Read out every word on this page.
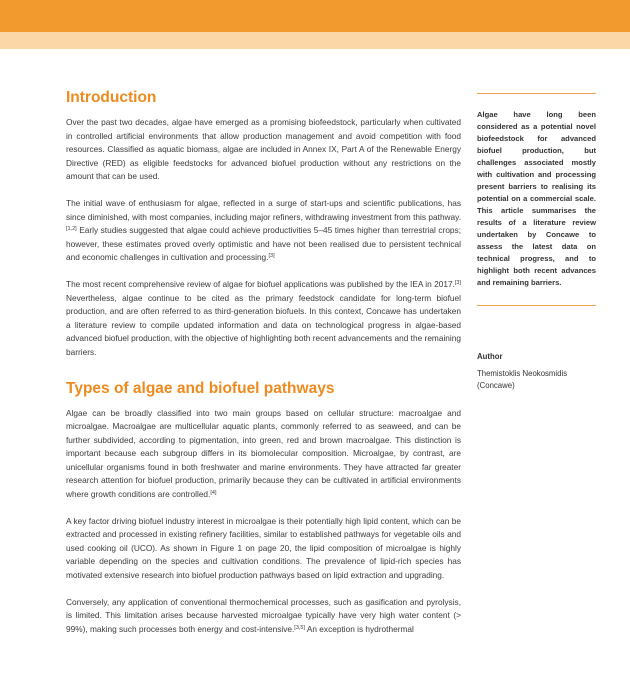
Introduction

Over the past two decades, algae have emerged as a promising biofeedstock, particularly when cultivated in controlled artificial environments that allow production management and avoid competition with food resources. Classified as aquatic biomass, algae are included in Annex IX, Part A of the Renewable Energy Directive (RED) as eligible feedstocks for advanced biofuel production without any restrictions on the amount that can be used.

The initial wave of enthusiasm for algae, reflected in a surge of start-ups and scientific publications, has since diminished, with most companies, including major refiners, withdrawing investment from this pathway.[1,2] Early studies suggested that algae could achieve productivities 5–45 times higher than terrestrial crops; however, these estimates proved overly optimistic and have not been realised due to persistent technical and economic challenges in cultivation and processing.[3]

The most recent comprehensive review of algae for biofuel applications was published by the IEA in 2017.[3] Nevertheless, algae continue to be cited as the primary feedstock candidate for long-term biofuel production, and are often referred to as third-generation biofuels. In this context, Concawe has undertaken a literature review to compile updated information and data on technological progress in algae-based advanced biofuel production, with the objective of highlighting both recent advancements and the remaining barriers.

Types of algae and biofuel pathways

Algae can be broadly classified into two main groups based on cellular structure: macroalgae and microalgae. Macroalgae are multicellular aquatic plants, commonly referred to as seaweed, and can be further subdivided, according to pigmentation, into green, red and brown macroalgae. This distinction is important because each subgroup differs in its biomolecular composition. Microalgae, by contrast, are unicellular organisms found in both freshwater and marine environments. They have attracted far greater research attention for biofuel production, primarily because they can be cultivated in artificial environments where growth conditions are controlled.[4]

A key factor driving biofuel industry interest in microalgae is their potentially high lipid content, which can be extracted and processed in existing refinery facilities, similar to established pathways for vegetable oils and used cooking oil (UCO). As shown in Figure 1 on page 20, the lipid composition of microalgae is highly variable depending on the species and cultivation conditions. The prevalence of lipid-rich species has motivated extensive research into biofuel production pathways based on lipid extraction and upgrading.

Conversely, any application of conventional thermochemical processes, such as gasification and pyrolysis, is limited. This limitation arises because harvested microalgae typically have very high water content (> 99%), making such processes both energy and cost-intensive.[3,5] An exception is hydrothermal

Algae have long been considered as a potential novel biofeedstock for advanced biofuel production, but challenges associated mostly with cultivation and processing present barriers to realising its potential on a commercial scale. This article summarises the results of a literature review undertaken by Concawe to assess the latest data on technical progress, and to highlight both recent advances and remaining barriers.
Author
Themistoklis Neokosmidis
(Concawe)
